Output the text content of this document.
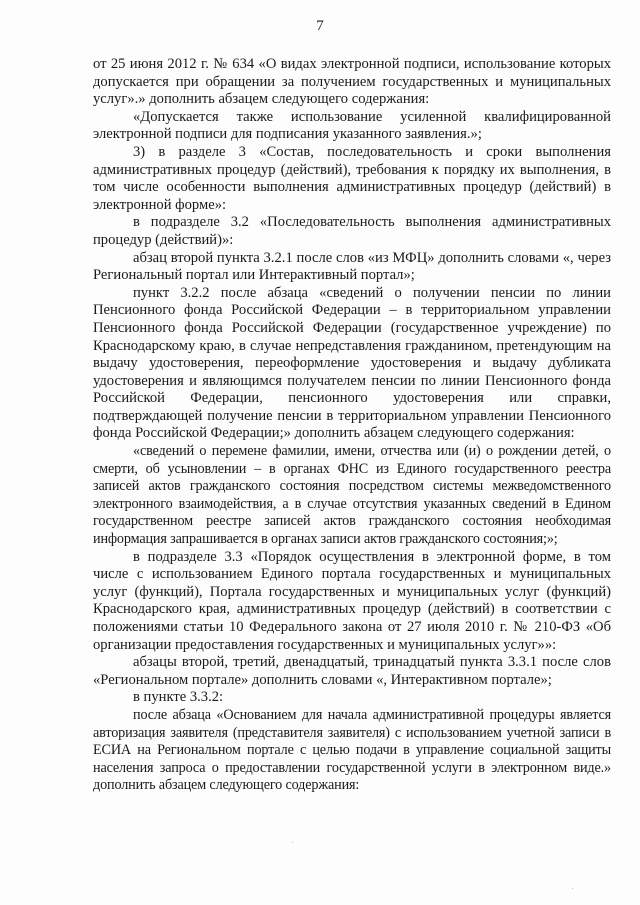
7

от 25 июня 2012 г. № 634 «О видах электронной подписи, использование которых допускается при обращении за получением государственных и муниципальных услуг».» дополнить абзацем следующего содержания:

«Допускается также использование усиленной квалифицированной электронной подписи для подписания указанного заявления.»;

3) в разделе 3 «Состав, последовательность и сроки выполнения административных процедур (действий), требования к порядку их выполнения, в том числе особенности выполнения административных процедур (действий) в электронной форме»:

в подразделе 3.2 «Последовательность выполнения административных процедур (действий)»:

абзац второй пункта 3.2.1 после слов «из МФЦ» дополнить словами «, через Региональный портал или Интерактивный портал»;

пункт 3.2.2 после абзаца «сведений о получении пенсии по линии Пенсионного фонда Российской Федерации – в территориальном управлении Пенсионного фонда Российской Федерации (государственное учреждение) по Краснодарскому краю, в случае непредставления гражданином, претендующим на выдачу удостоверения, переоформление удостоверения и выдачу дубликата удостоверения и являющимся получателем пенсии по линии Пенсионного фонда Российской Федерации, пенсионного удостоверения или справки, подтверждающей получение пенсии в территориальном управлении Пенсионного фонда Российской Федерации;» дополнить абзацем следующего содержания:

«сведений о перемене фамилии, имени, отчества или (и) о рождении детей, о смерти, об усыновлении – в органах ФНС из Единого государственного реестра записей актов гражданского состояния посредством системы межведомственного электронного взаимодействия, а в случае отсутствия указанных сведений в Едином государственном реестре записей актов гражданского состояния необходимая информация запрашивается в органах записи актов гражданского состояния;»;

в подразделе 3.3 «Порядок осуществления в электронной форме, в том числе с использованием Единого портала государственных и муниципальных услуг (функций), Портала государственных и муниципальных услуг (функций) Краснодарского края, административных процедур (действий) в соответствии с положениями статьи 10 Федерального закона от 27 июля 2010 г. № 210-ФЗ «Об организации предоставления государственных и муниципальных услуг»»:

абзацы второй, третий, двенадцатый, тринадцатый пункта 3.3.1 после слов «Региональном портале» дополнить словами «, Интерактивном портале»;

в пункте 3.3.2:

после абзаца «Основанием для начала административной процедуры является авторизация заявителя (представителя заявителя) с использованием учетной записи в ЕСИА на Региональном портале с целью подачи в управление социальной защиты населения запроса о предоставлении государственной услуги в электронном виде.» дополнить абзацем следующего содержания:
